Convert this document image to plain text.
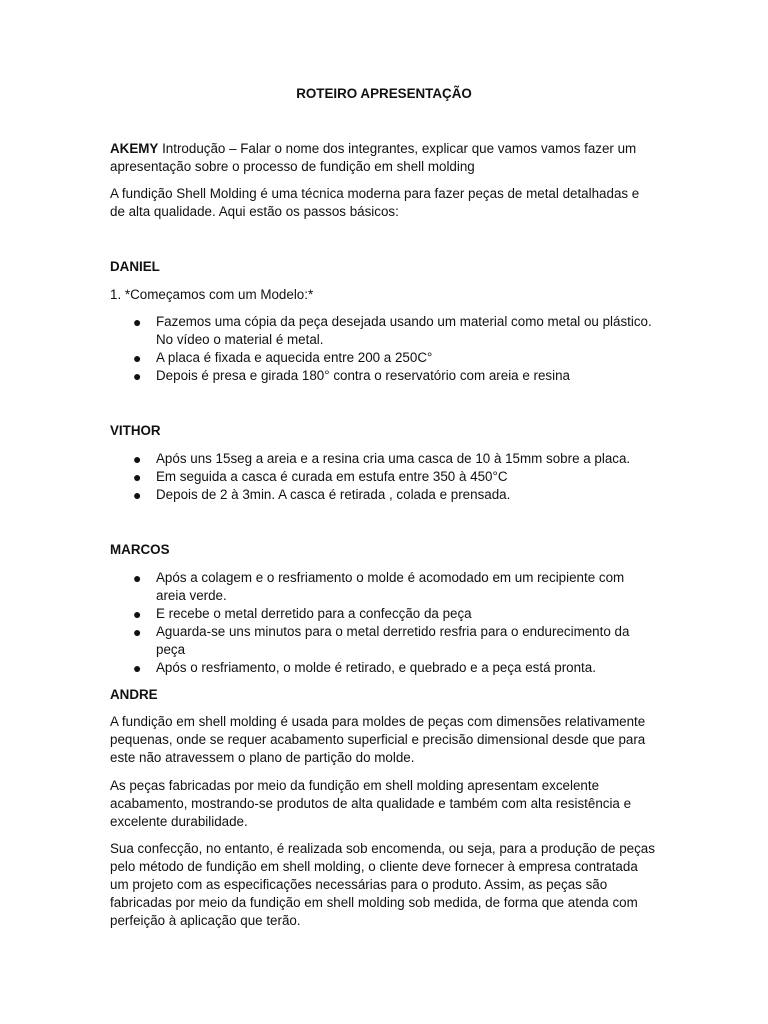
ROTEIRO APRESENTAÇÃO

AKEMY Introdução – Falar o nome dos integrantes, explicar que vamos vamos fazer um apresentação sobre o processo de fundição em shell molding

A fundição Shell Molding é uma técnica moderna para fazer peças de metal detalhadas e de alta qualidade. Aqui estão os passos básicos:

DANIEL

1. *Começamos com um Modelo:*

● Fazemos uma cópia da peça desejada usando um material como metal ou plástico. No vídeo o material é metal.
● A placa é fixada e aquecida entre 200 a 250C°
● Depois é presa e girada 180° contra o reservatório com areia e resina

VITHOR

● Após uns 15seg a areia e a resina cria uma casca de 10 à 15mm sobre a placa.
● Em seguida a casca é curada em estufa entre 350 à 450°C
● Depois de 2 à 3min. A casca é retirada , colada e prensada.

MARCOS

● Após a colagem e o resfriamento o molde é acomodado em um recipiente com areia verde.
● E recebe o metal derretido para a confecção da peça
● Aguarda-se uns minutos para o metal derretido resfria para o endurecimento da peça
● Após o resfriamento, o molde é retirado, e quebrado e a peça está pronta.

ANDRE

A fundição em shell molding é usada para moldes de peças com dimensões relativamente pequenas, onde se requer acabamento superficial e precisão dimensional desde que para este não atravessem o plano de partição do molde.

As peças fabricadas por meio da fundição em shell molding apresentam excelente acabamento, mostrando-se produtos de alta qualidade e também com alta resistência e excelente durabilidade.

Sua confecção, no entanto, é realizada sob encomenda, ou seja, para a produção de peças pelo método de fundição em shell molding, o cliente deve fornecer à empresa contratada um projeto com as especificações necessárias para o produto. Assim, as peças são fabricadas por meio da fundição em shell molding sob medida, de forma que atenda com perfeição à aplicação que terão.
